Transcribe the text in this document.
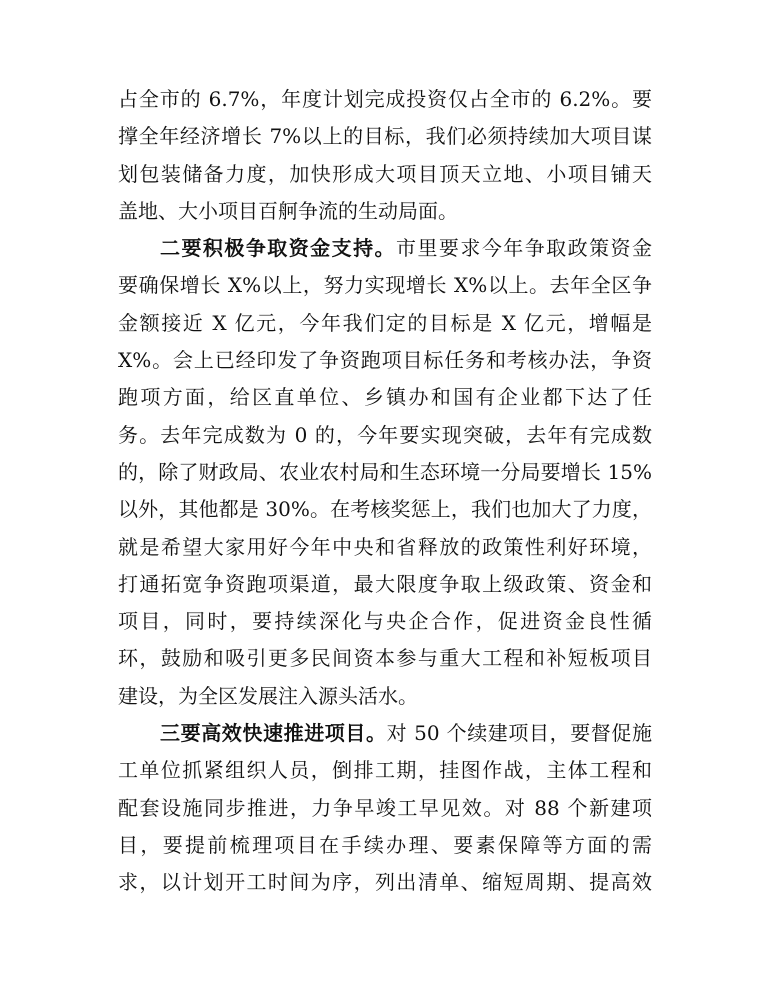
占全市的 6.7%，年度计划完成投资仅占全市的 6.2%。要
撑全年经济增长 7%以上的目标，我们必须持续加大项目谋
划包装储备力度，加快形成大项目顶天立地、小项目铺天
盖地、大小项目百舸争流的生动局面。
二要积极争取资金支持。市里要求今年争取政策资金
要确保增长 X%以上，努力实现增长 X%以上。去年全区争
金额接近 X 亿元，今年我们定的目标是 X 亿元，增幅是
X%。会上已经印发了争资跑项目标任务和考核办法，争资
跑项方面，给区直单位、乡镇办和国有企业都下达了任
务。去年完成数为 0 的，今年要实现突破，去年有完成数
的，除了财政局、农业农村局和生态环境一分局要增长 15%
以外，其他都是 30%。在考核奖惩上，我们也加大了力度，
就是希望大家用好今年中央和省释放的政策性利好环境，
打通拓宽争资跑项渠道，最大限度争取上级政策、资金和
项目，同时，要持续深化与央企合作，促进资金良性循
环，鼓励和吸引更多民间资本参与重大工程和补短板项目
建设，为全区发展注入源头活水。
三要高效快速推进项目。对 50 个续建项目，要督促施
工单位抓紧组织人员，倒排工期，挂图作战，主体工程和
配套设施同步推进，力争早竣工早见效。对 88 个新建项
目，要提前梳理项目在手续办理、要素保障等方面的需
求，以计划开工时间为序，列出清单、缩短周期、提高效
